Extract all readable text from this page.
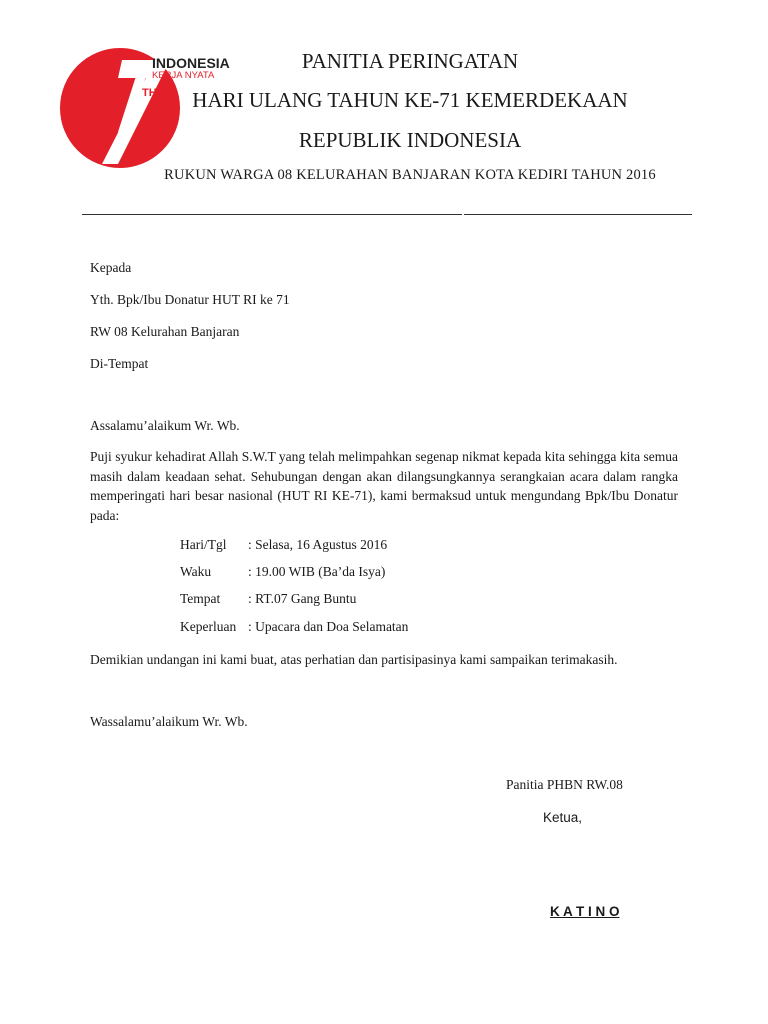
TH
INDONESIA
KERJA NYATA
PANITIA PERINGATAN
HARI ULANG TAHUN KE-71 KEMERDEKAAN
REPUBLIK INDONESIA
RUKUN WARGA 08 KELURAHAN BANJARAN KOTA KEDIRI TAHUN 2016
Kepada
Yth. Bpk/Ibu Donatur HUT RI ke 71
RW 08 Kelurahan Banjaran
Di-Tempat
Assalamu’alaikum Wr. Wb.
Puji syukur kehadirat Allah S.W.T yang telah melimpahkan segenap nikmat kepada kita sehingga kita semua masih dalam keadaan sehat. Sehubungan dengan akan dilangsungkannya serangkaian acara dalam rangka memperingati hari besar nasional (HUT RI KE-71), kami bermaksud untuk mengundang Bpk/Ibu Donatur pada:
Hari/Tgl : Selasa, 16 Agustus 2016
Waku	: 19.00 WIB (Ba’da Isya)
Tempat : RT.07 Gang Buntu
Keperluan : Upacara dan Doa Selamatan
Demikian undangan ini kami buat, atas perhatian dan partisipasinya kami sampaikan terimakasih.
Wassalamu’alaikum Wr. Wb.
Panitia PHBN RW.08
Ketua,
K A T I N O
